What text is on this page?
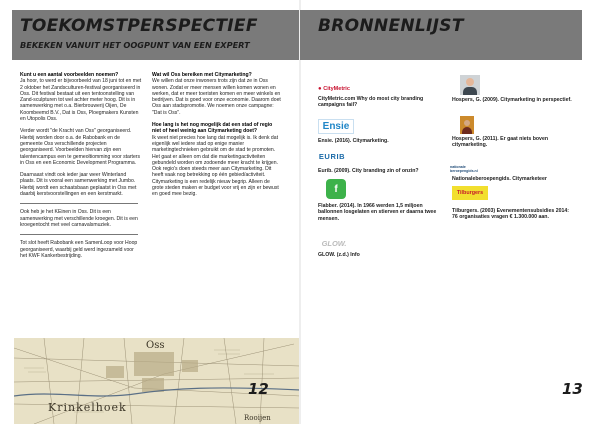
TOEKOMSTPERSPECTIEF
BEKEKEN VANUIT HET OOGPUNT VAN EEN EXPERT

Kunt u een aantal voorbeelden noemen?
Ja hoor, to werd er bijvoorbeeld van 18 juni tot en met 2 oktober het Zandsculturen-festival georganiseerd in Oss. Dit festival bestaat uit een tentoonstelling van Zand-sculpturen tot wel achter meter hoog. Dit is in samenwerking met o.a. Bierbrouwerij Oijen, De Koombeemd B.V., Dat is Oss, Ploegmakers Kunsten en Utopolis Oss.

Verder wordt "de Kracht van Oss" georganiseerd. Hierbij worden door o.a. de Rabobank en de gemeente Oss verschillende projecten georganiseerd. Voorbeelden hiervan zijn een talentencampus een te gemeoltiomming voor starters in Oss en een Economic Development Programma.

Daarnaast vindt ook ieder jaar weer Winterland plaats. Dit is vooral een samenwerking met Jumbo. Hierbij wordt een schaatsbaan geplaatst in Oss met daarbij kerstvoorstellingen en een kerstmarkt.

Ook heb je het KEinen in Oss. Dit is een samenwerking met verschillende kroegen. Dit is een kroegentocht met veel carnavalsmuziek.

Tot slot heeft Rabobank een SamenLoop voor Hoop georganiseerd, waarbij geld werd ingezameld voor het KWF Kankerbestrijding.

Wat wil Oss bereiken met Citymarketing?
We willen dat onze inwoners trots zijn dat ze in Oss wonen. Zodat er meer mensen willen komen wonen en werken, dat er meer toeristen komen en meer winkels en bedrijven. Dat is goed voor onze economie. Daarom doet Oss aan stadspromotie. We noemen onze campagne: "Dat is Oss".

Hoe lang is het nog mogelijk dat een stad of regio niet of heel weinig aan Citymarketing doet?
Ik weet niet precies hoe lang dat mogelijk is. Ik denk dat eigenlijk wel iedere stad op enige manier marketingtechnieken gebruikt om de stad te promoten. Het gaat er alleen om dat die marketingactiviteiten gebundeld worden om zodoende meer kracht te krijgen. Ook regio's doen steeds meer aan Citymarketing. Dit heeft vaak nog betrekking op één gebied/activiteit. Citymarketing is een redelijk nieuw begrip. Alleen de grote steden maken er budget voor vrij en zijn er bewust en goed mee bezig.

Oss
Krinkelhoek
Rooijen
12
BRONNENLIJST
● CityMetric
CityMetric.com Why do most city branding campaigns fail?
Ensie
Ensie. (2016). Citymarketing.
EURIB
Eurib. (2009). City branding zin of onzin?
f
Flabber. (2014). In 1966 werden 1,5 miljoen ballonnen losgelaten en stierven er daarna twee mensen.
GLOW.
GLOW. (z.d.) Info
Hospers, G. (2009). Citymarketing in perspectief.
Hospers, G. (2011). Er gaat niets boven citymarketing.
nationale beroepengids.nl
Nationaleberoepengids. Citymarketeer
Tilburgers
Tilburgers. (2003) Evenementensubsidies 2014: 76 organisaties vragen € 1.300.000 aan.
13
